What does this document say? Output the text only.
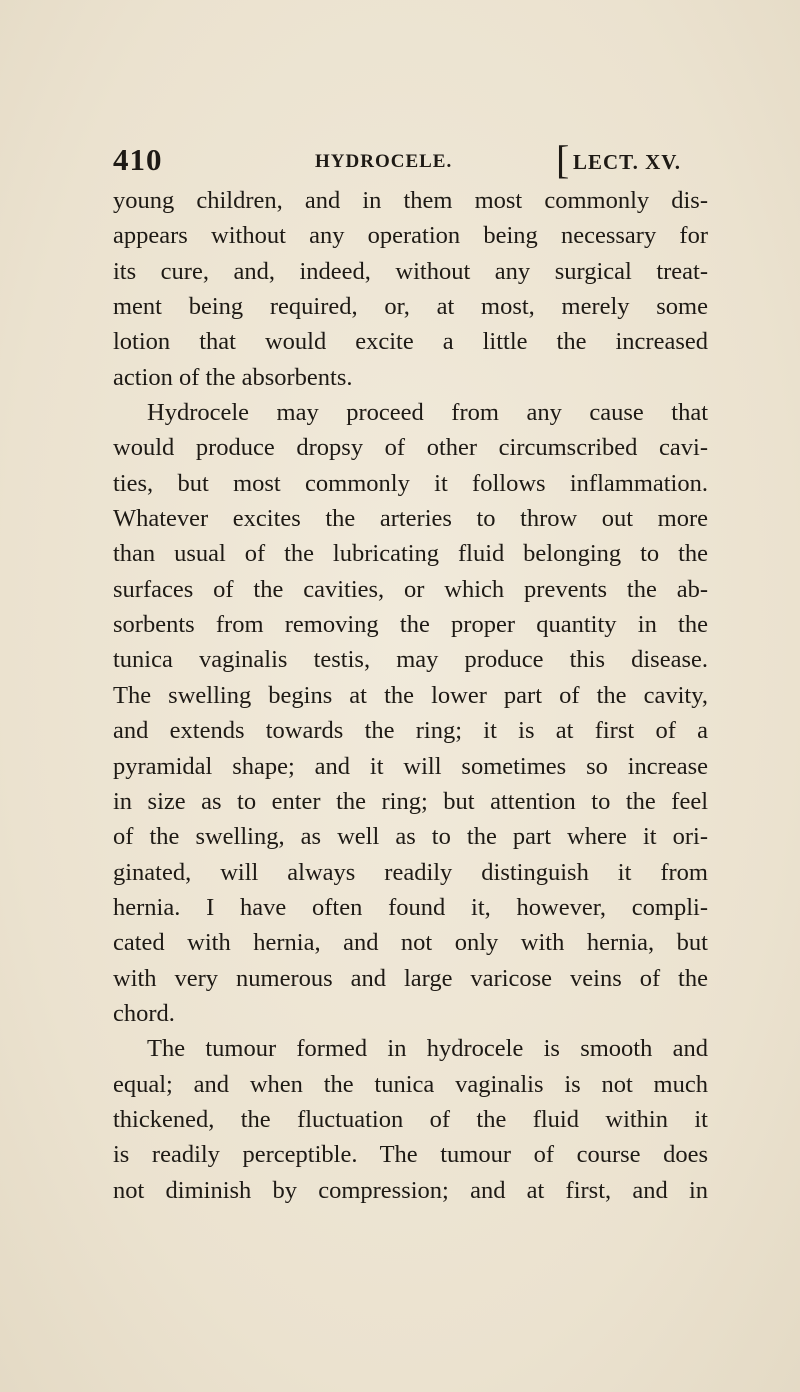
410	HYDROCELE.	[ LECT. XV.
young children, and in them most commonly dis-
appears without any operation being necessary for
its cure, and, indeed, without any surgical treat-
ment being required, or, at most, merely some
lotion that would excite a little the increased
action of the absorbents.
Hydrocele may proceed from any cause that
would produce dropsy of other circumscribed cavi-
ties, but most commonly it follows inflammation.
Whatever excites the arteries to throw out more
than usual of the lubricating fluid belonging to the
surfaces of the cavities, or which prevents the ab-
sorbents from removing the proper quantity in the
tunica vaginalis testis, may produce this disease.
The swelling begins at the lower part of the cavity,
and extends towards the ring; it is at first of a
pyramidal shape; and it will sometimes so increase
in size as to enter the ring; but attention to the feel
of the swelling, as well as to the part where it ori-
ginated, will always readily distinguish it from
hernia. I have often found it, however, compli-
cated with hernia, and not only with hernia, but
with very numerous and large varicose veins of the
chord.
The tumour formed in hydrocele is smooth and
equal; and when the tunica vaginalis is not much
thickened, the fluctuation of the fluid within it
is readily perceptible. The tumour of course does
not diminish by compression; and at first, and in
